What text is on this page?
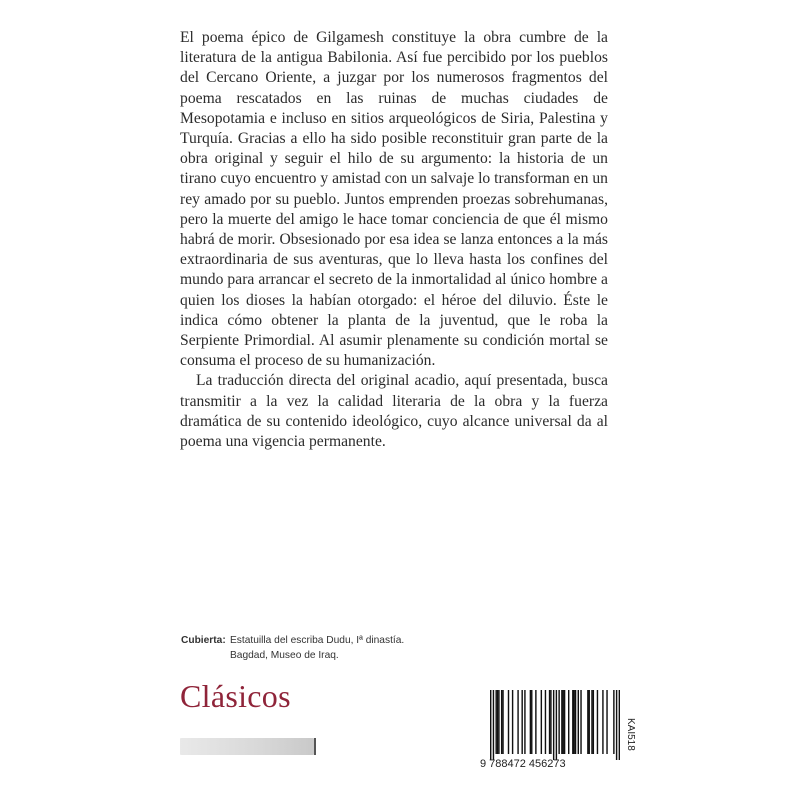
El poema épico de Gilgamesh constituye la obra cumbre de la literatura de la antigua Babilonia. Así fue percibido por los pueblos del Cercano Oriente, a juzgar por los numerosos fragmentos del poema rescatados en las ruinas de muchas ciudades de Mesopotamia e incluso en sitios arqueológicos de Siria, Palestina y Turquía. Gracias a ello ha sido posible reconstituir gran parte de la obra original y seguir el hilo de su argumento: la historia de un tirano cuyo encuentro y amistad con un salvaje lo transforman en un rey amado por su pueblo. Juntos emprenden proezas sobrehumanas, pero la muerte del amigo le hace tomar conciencia de que él mismo habrá de morir. Obsesionado por esa idea se lanza entonces a la más extraordinaria de sus aventuras, que lo lleva hasta los confines del mundo para arrancar el secreto de la inmortalidad al único hombre a quien los dioses la habían otorgado: el héroe del diluvio. Éste le indica cómo obtener la planta de la juventud, que le roba la Serpiente Primordial. Al asumir plenamente su condición mortal se consuma el proceso de su humanización.

La traducción directa del original acadio, aquí presentada, busca transmitir a la vez la calidad literaria de la obra y la fuerza dramática de su contenido ideológico, cuyo alcance universal da al poema una vigencia permanente.

Cubierta: Estatuilla del escriba Dudu, Iª dinastía.
Bagdad, Museo de Iraq.
Clásicos
9 788472 456273
KAI518
